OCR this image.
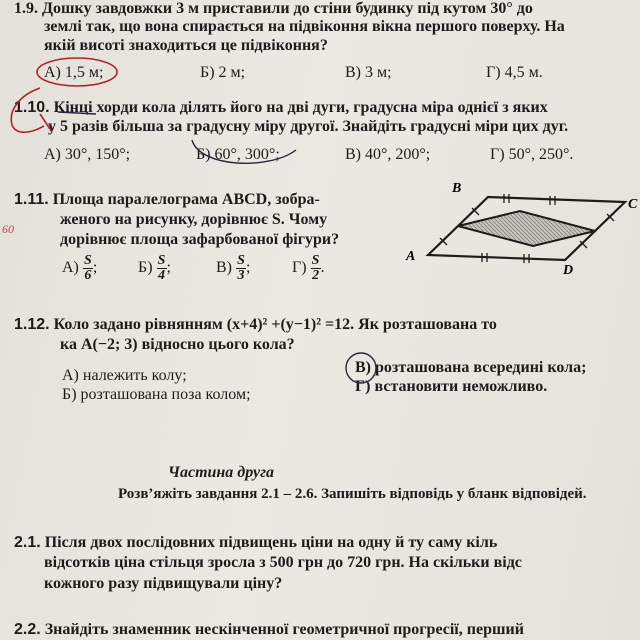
1.9. Дошку завдовжки 3 м приставили до стіни будинку під кутом 30° до
землі так, що вона спирається на підвіконня вікна першого поверху. На
якій висоті знаходиться це підвіконня?
А) 1,5 м;	Б) 2 м;	В) 3 м;	Г) 4,5 м.
1.10. Кінці хорди кола ділять його на дві дуги, градусна міра однієї з яких
у 5 разів більша за градусну міру другої. Знайдіть градусні міри цих дуг.
А) 30°, 150°;	Б) 60°, 300°;	В) 40°, 200°;	Г) 50°, 250°.
1.11. Площа паралелограма ABCD, зобра-
женого на рисунку, дорівнює S. Чому
дорівнює площа зафарбованої фігури?
60
$А) \frac{S}{6}$ ;	$Б) \frac{S}{4}$ ;	$В) \frac{S}{3}$ ;	$Г) \frac{S}{2}$ .
B
C
A
D
1.12. Коло задано рівнянням (x+4)² +(y−1)² =12. Як розташована то
ка A(−2; 3) відносно цього кола?
А) належить колу;
Б) розташована поза колом;
В) розташована всередині кола;
Г) встановити неможливо.
Частина друга
Розв’яжіть завдання 2.1 – 2.6. Запишіть відповідь у бланк відповідей.
2.1. Після двох послідовних підвищень ціни на одну й ту саму кіль
відсотків ціна стільця зросла з 500 грн до 720 грн. На скільки відс
кожного разу підвищували ціну?
2.2. Знайдіть знаменник нескінченної геометричної прогресії, перший
